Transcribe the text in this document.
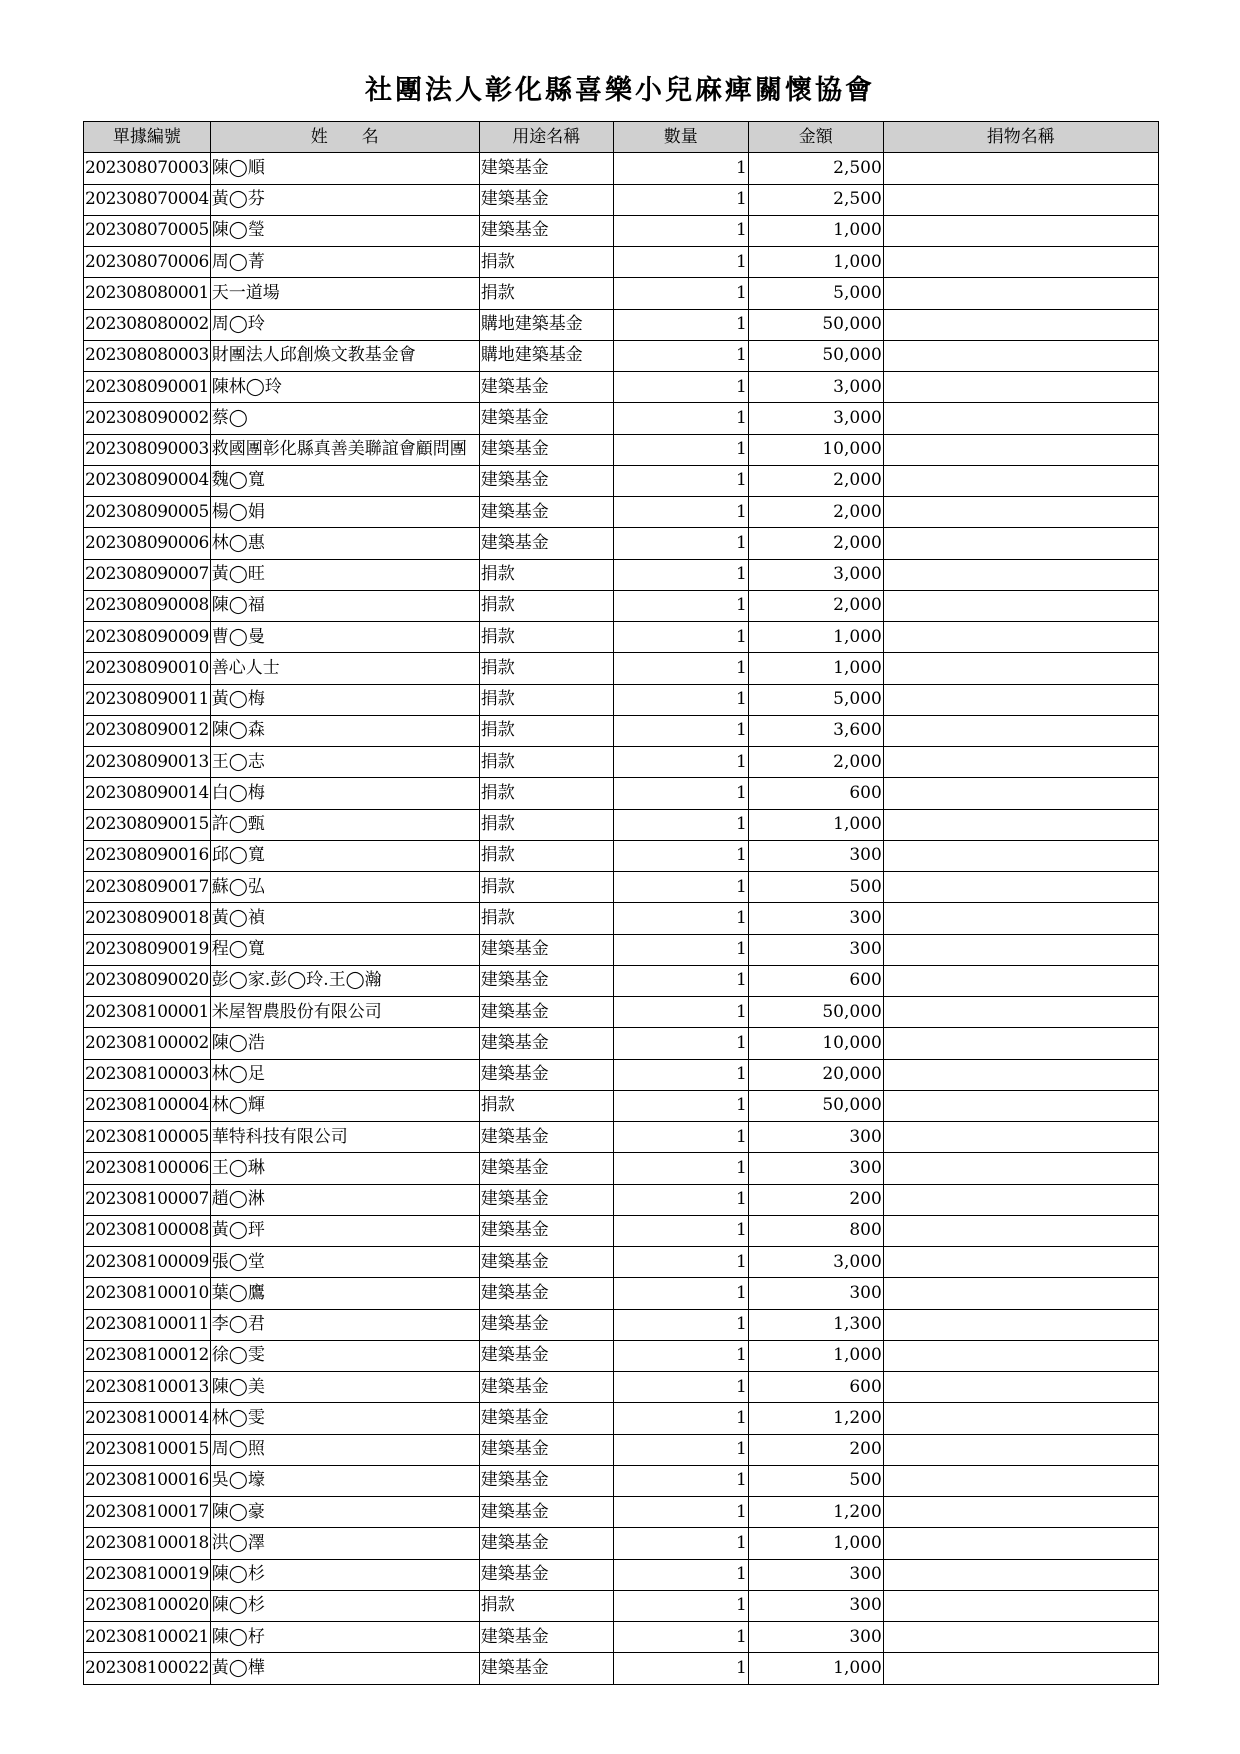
社團法人彰化縣喜樂小兒麻痺關懷協會
單據編號	姓　　名	用途名稱	數量	金額	捐物名稱
202308070003	陳◯順	建築基金	1	2,500	
202308070004	黃◯芬	建築基金	1	2,500	
202308070005	陳◯瑩	建築基金	1	1,000	
202308070006	周◯菁	捐款	1	1,000	
202308080001	天一道場	捐款	1	5,000	
202308080002	周◯玲	購地建築基金	1	50,000	
202308080003	財團法人邱創煥文教基金會	購地建築基金	1	50,000	
202308090001	陳林◯玲	建築基金	1	3,000	
202308090002	蔡◯	建築基金	1	3,000	
202308090003	救國團彰化縣真善美聯誼會顧問團	建築基金	1	10,000	
202308090004	魏◯寬	建築基金	1	2,000	
202308090005	楊◯娟	建築基金	1	2,000	
202308090006	林◯惠	建築基金	1	2,000	
202308090007	黃◯旺	捐款	1	3,000	
202308090008	陳◯福	捐款	1	2,000	
202308090009	曹◯曼	捐款	1	1,000	
202308090010	善心人士	捐款	1	1,000	
202308090011	黃◯梅	捐款	1	5,000	
202308090012	陳◯森	捐款	1	3,600	
202308090013	王◯志	捐款	1	2,000	
202308090014	白◯梅	捐款	1	600	
202308090015	許◯甄	捐款	1	1,000	
202308090016	邱◯寬	捐款	1	300	
202308090017	蘇◯弘	捐款	1	500	
202308090018	黃◯禎	捐款	1	300	
202308090019	程◯寬	建築基金	1	300	
202308090020	彭◯家.彭◯玲.王◯瀚	建築基金	1	600	
202308100001	米屋智農股份有限公司	建築基金	1	50,000	
202308100002	陳◯浩	建築基金	1	10,000	
202308100003	林◯足	建築基金	1	20,000	
202308100004	林◯輝	捐款	1	50,000	
202308100005	華特科技有限公司	建築基金	1	300	
202308100006	王◯琳	建築基金	1	300	
202308100007	趙◯淋	建築基金	1	200	
202308100008	黃◯玶	建築基金	1	800	
202308100009	張◯堂	建築基金	1	3,000	
202308100010	葉◯鷹	建築基金	1	300	
202308100011	李◯君	建築基金	1	1,300	
202308100012	徐◯雯	建築基金	1	1,000	
202308100013	陳◯美	建築基金	1	600	
202308100014	林◯雯	建築基金	1	1,200	
202308100015	周◯照	建築基金	1	200	
202308100016	吳◯壕	建築基金	1	500	
202308100017	陳◯豪	建築基金	1	1,200	
202308100018	洪◯澤	建築基金	1	1,000	
202308100019	陳◯杉	建築基金	1	300	
202308100020	陳◯杉	捐款	1	300	
202308100021	陳◯杍	建築基金	1	300	
202308100022	黃◯樺	建築基金	1	1,000	
